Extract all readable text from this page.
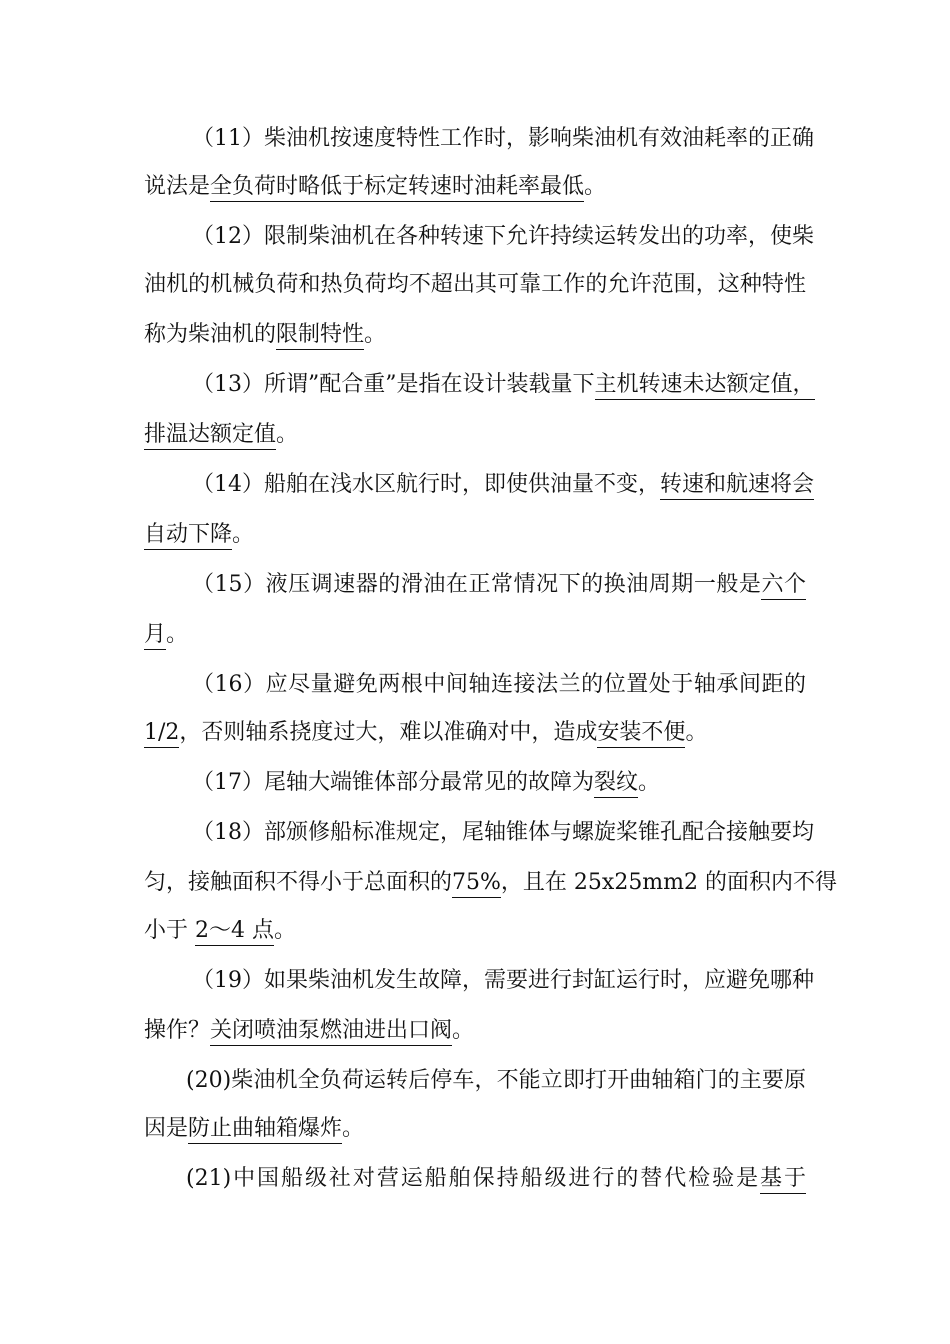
（11）柴油机按速度特性工作时，影响柴油机有效油耗率的正确
说法是全负荷时略低于标定转速时油耗率最低。
（12）限制柴油机在各种转速下允许持续运转发出的功率，使柴
油机的机械负荷和热负荷均不超出其可靠工作的允许范围，这种特性
称为柴油机的限制特性。
（13）所谓”配合重”是指在设计装载量下主机转速未达额定值，
排温达额定值。
（14）船舶在浅水区航行时，即使供油量不变，转速和航速将会
自动下降。
（15）液压调速器的滑油在正常情况下的换油周期一般是六个
月。
（16）应尽量避免两根中间轴连接法兰的位置处于轴承间距的
1/2，否则轴系挠度过大，难以准确对中，造成安装不便。
（17）尾轴大端锥体部分最常见的故障为裂纹。
（18）部颁修船标准规定，尾轴锥体与螺旋桨锥孔配合接触要均
匀，接触面积不得小于总面积的75%，且在 25x25mm2 的面积内不得
小于 2～4 点。
（19）如果柴油机发生故障，需要进行封缸运行时，应避免哪种
操作？关闭喷油泵燃油进出口阀。
(20)柴油机全负荷运转后停车，不能立即打开曲轴箱门的主要原
因是防止曲轴箱爆炸。
(21)中国船级社对营运船舶保持船级进行的替代检验是基于
